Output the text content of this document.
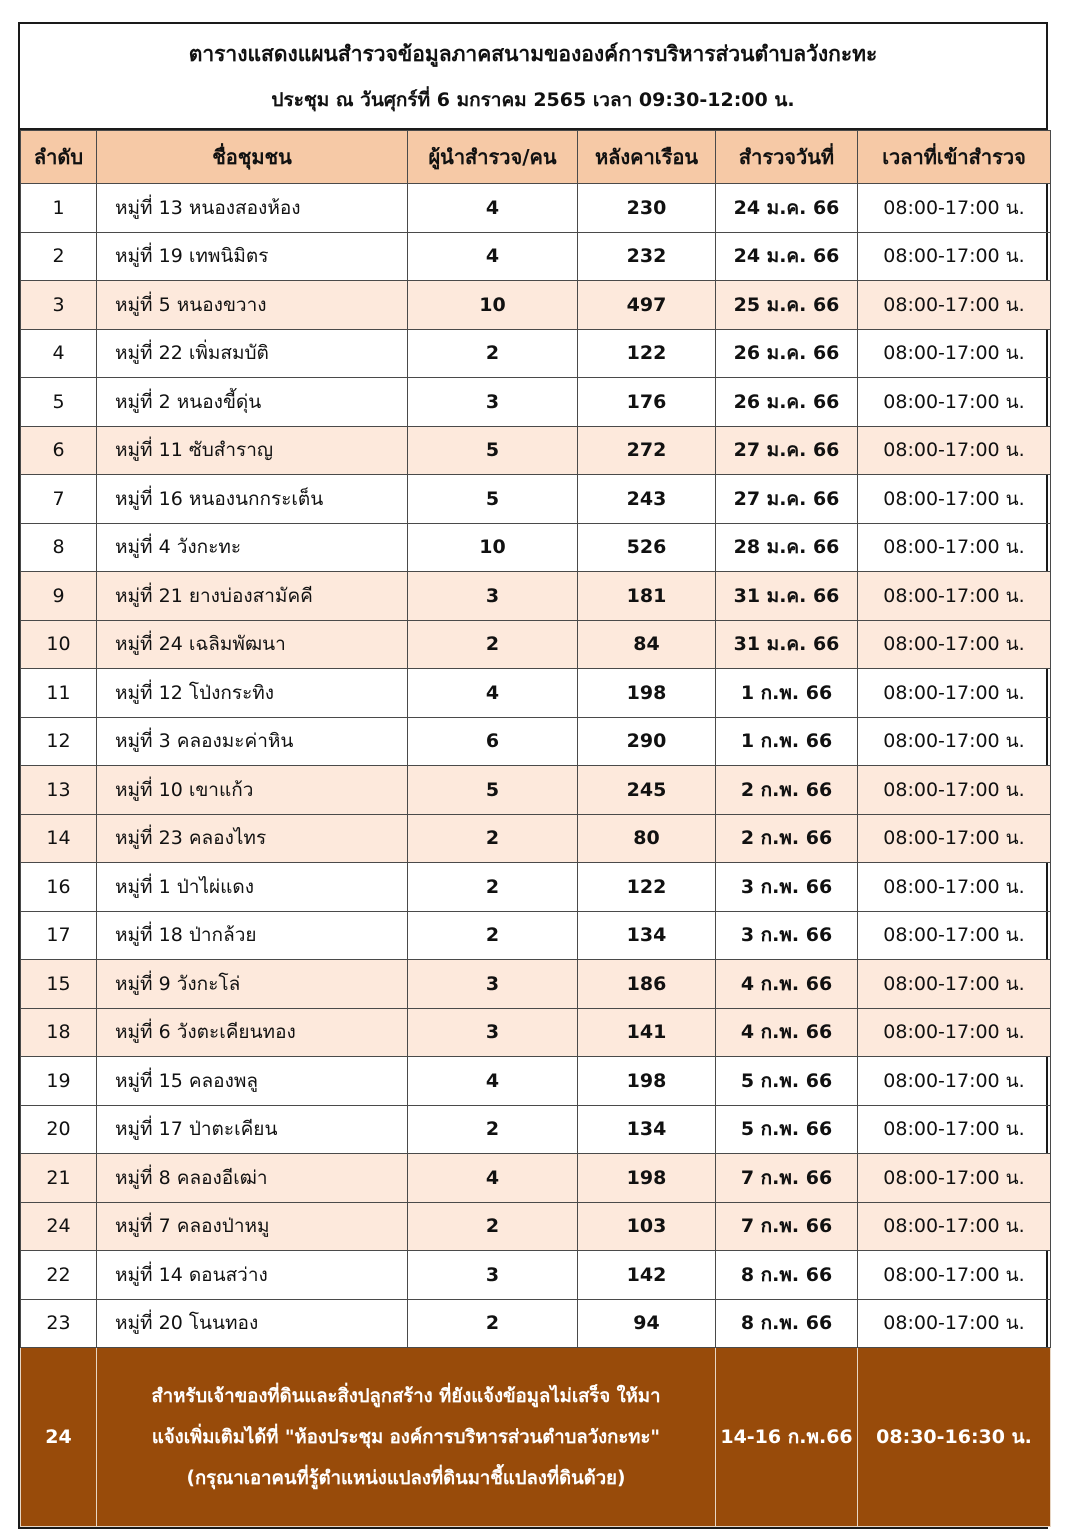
ตารางแสดงแผนสำรวจข้อมูลภาคสนามขององค์การบริหารส่วนตำบลวังกะทะ
ประชุม ณ วันศุกร์ที่ 6 มกราคม 2565 เวลา 09:30-12:00 น.
ลำดับ	ชื่อชุมชน	ผู้นำสำรวจ/คน	หลังคาเรือน	สำรวจวันที่	เวลาที่เข้าสำรวจ
1	หมู่ที่ 13 หนองสองห้อง	4	230	24 ม.ค. 66	08:00-17:00 น.
2	หมู่ที่ 19 เทพนิมิตร	4	232	24 ม.ค. 66	08:00-17:00 น.
3	หมู่ที่ 5 หนองขวาง	10	497	25 ม.ค. 66	08:00-17:00 น.
4	หมู่ที่ 22 เพิ่มสมบัติ	2	122	26 ม.ค. 66	08:00-17:00 น.
5	หมู่ที่ 2 หนองขี้ดุ่น	3	176	26 ม.ค. 66	08:00-17:00 น.
6	หมู่ที่ 11 ซับสำราญ	5	272	27 ม.ค. 66	08:00-17:00 น.
7	หมู่ที่ 16 หนองนกกระเต็น	5	243	27 ม.ค. 66	08:00-17:00 น.
8	หมู่ที่ 4 วังกะทะ	10	526	28 ม.ค. 66	08:00-17:00 น.
9	หมู่ที่ 21 ยางบ่องสามัคคี	3	181	31 ม.ค. 66	08:00-17:00 น.
10	หมู่ที่ 24 เฉลิมพัฒนา	2	84	31 ม.ค. 66	08:00-17:00 น.
11	หมู่ที่ 12 โป่งกระทิง	4	198	1 ก.พ. 66	08:00-17:00 น.
12	หมู่ที่ 3 คลองมะค่าหิน	6	290	1 ก.พ. 66	08:00-17:00 น.
13	หมู่ที่ 10 เขาแก้ว	5	245	2 ก.พ. 66	08:00-17:00 น.
14	หมู่ที่ 23 คลองไทร	2	80	2 ก.พ. 66	08:00-17:00 น.
16	หมู่ที่ 1 ป่าไผ่แดง	2	122	3 ก.พ. 66	08:00-17:00 น.
17	หมู่ที่ 18 ป่ากล้วย	2	134	3 ก.พ. 66	08:00-17:00 น.
15	หมู่ที่ 9 วังกะโล่	3	186	4 ก.พ. 66	08:00-17:00 น.
18	หมู่ที่ 6 วังตะเคียนทอง	3	141	4 ก.พ. 66	08:00-17:00 น.
19	หมู่ที่ 15 คลองพลู	4	198	5 ก.พ. 66	08:00-17:00 น.
20	หมู่ที่ 17 ป่าตะเคียน	2	134	5 ก.พ. 66	08:00-17:00 น.
21	หมู่ที่ 8 คลองอีเฒ่า	4	198	7 ก.พ. 66	08:00-17:00 น.
24	หมู่ที่ 7 คลองป่าหมู	2	103	7 ก.พ. 66	08:00-17:00 น.
22	หมู่ที่ 14 ดอนสว่าง	3	142	8 ก.พ. 66	08:00-17:00 น.
23	หมู่ที่ 20 โนนทอง	2	94	8 ก.พ. 66	08:00-17:00 น.
24	สำหรับเจ้าของที่ดินและสิ่งปลูกสร้าง ที่ยังแจ้งข้อมูลไม่เสร็จ ให้มา
แจ้งเพิ่มเติมได้ที่ "ห้องประชุม องค์การบริหารส่วนตำบลวังกะทะ"
(กรุณาเอาคนที่รู้ตำแหน่งแปลงที่ดินมาชี้แปลงที่ดินด้วย)			14-16 ก.พ.66	08:30-16:30 น.
